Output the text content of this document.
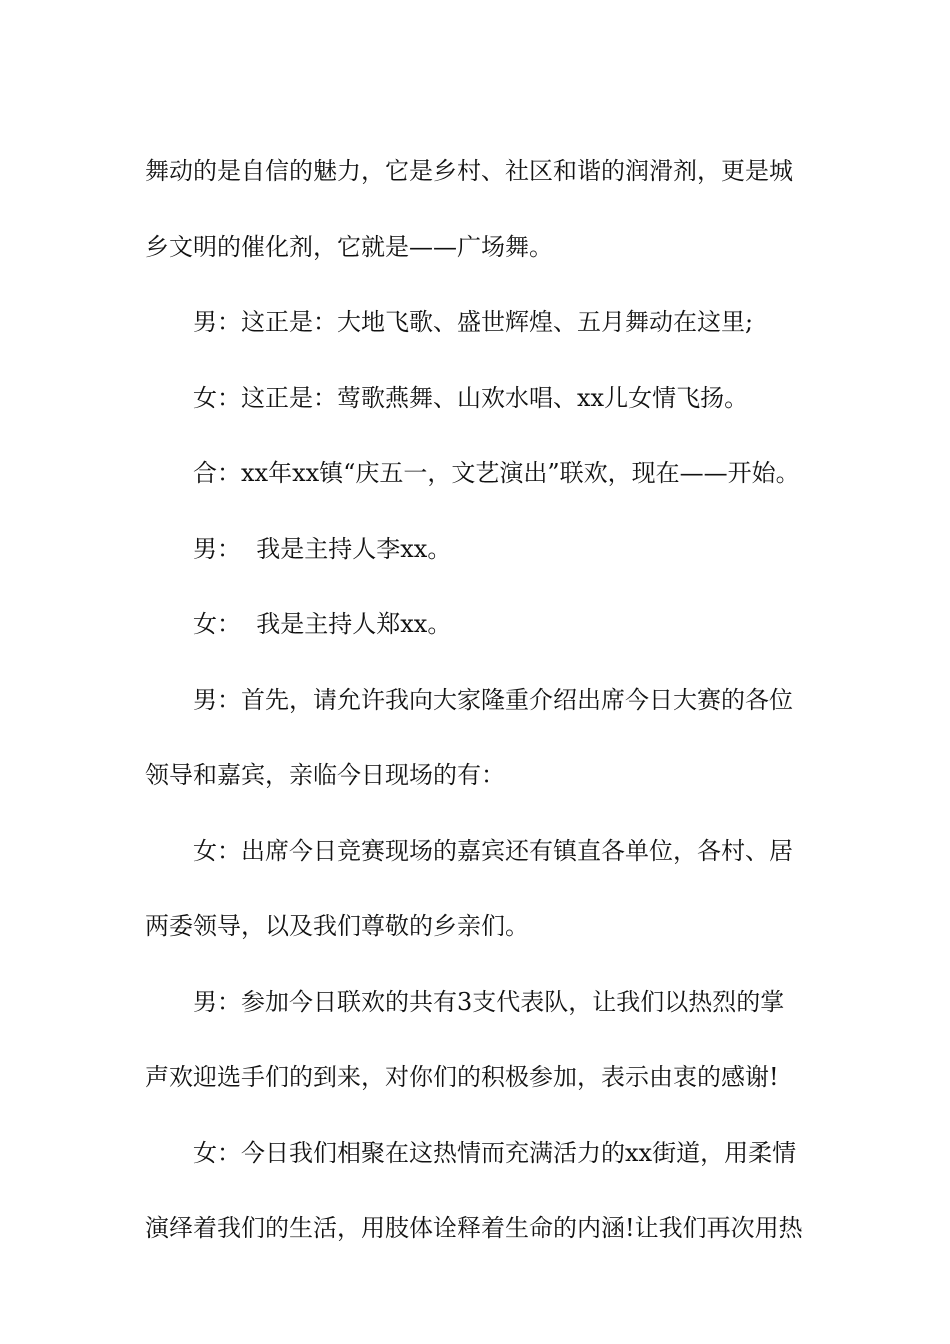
舞动的是自信的魅力，它是乡村、社区和谐的润滑剂，更是城
乡文明的催化剂，它就是——广场舞。
男：这正是：大地飞歌、盛世辉煌、五月舞动在这里;
女：这正是：莺歌燕舞、山欢水唱、xx儿女情飞扬。
合：xx年xx镇“庆五一，文艺演出”联欢，现在——开始。
男：  我是主持人李xx。
女：  我是主持人郑xx。
男：首先，请允许我向大家隆重介绍出席今日大赛的各位
领导和嘉宾，亲临今日现场的有：
女：出席今日竞赛现场的嘉宾还有镇直各单位，各村、居
两委领导，以及我们尊敬的乡亲们。
男：参加今日联欢的共有3支代表队，让我们以热烈的掌
声欢迎选手们的到来，对你们的积极参加，表示由衷的感谢!
女：今日我们相聚在这热情而充满活力的xx街道，用柔情
演绎着我们的生活，用肢体诠释着生命的内涵!让我们再次用热
